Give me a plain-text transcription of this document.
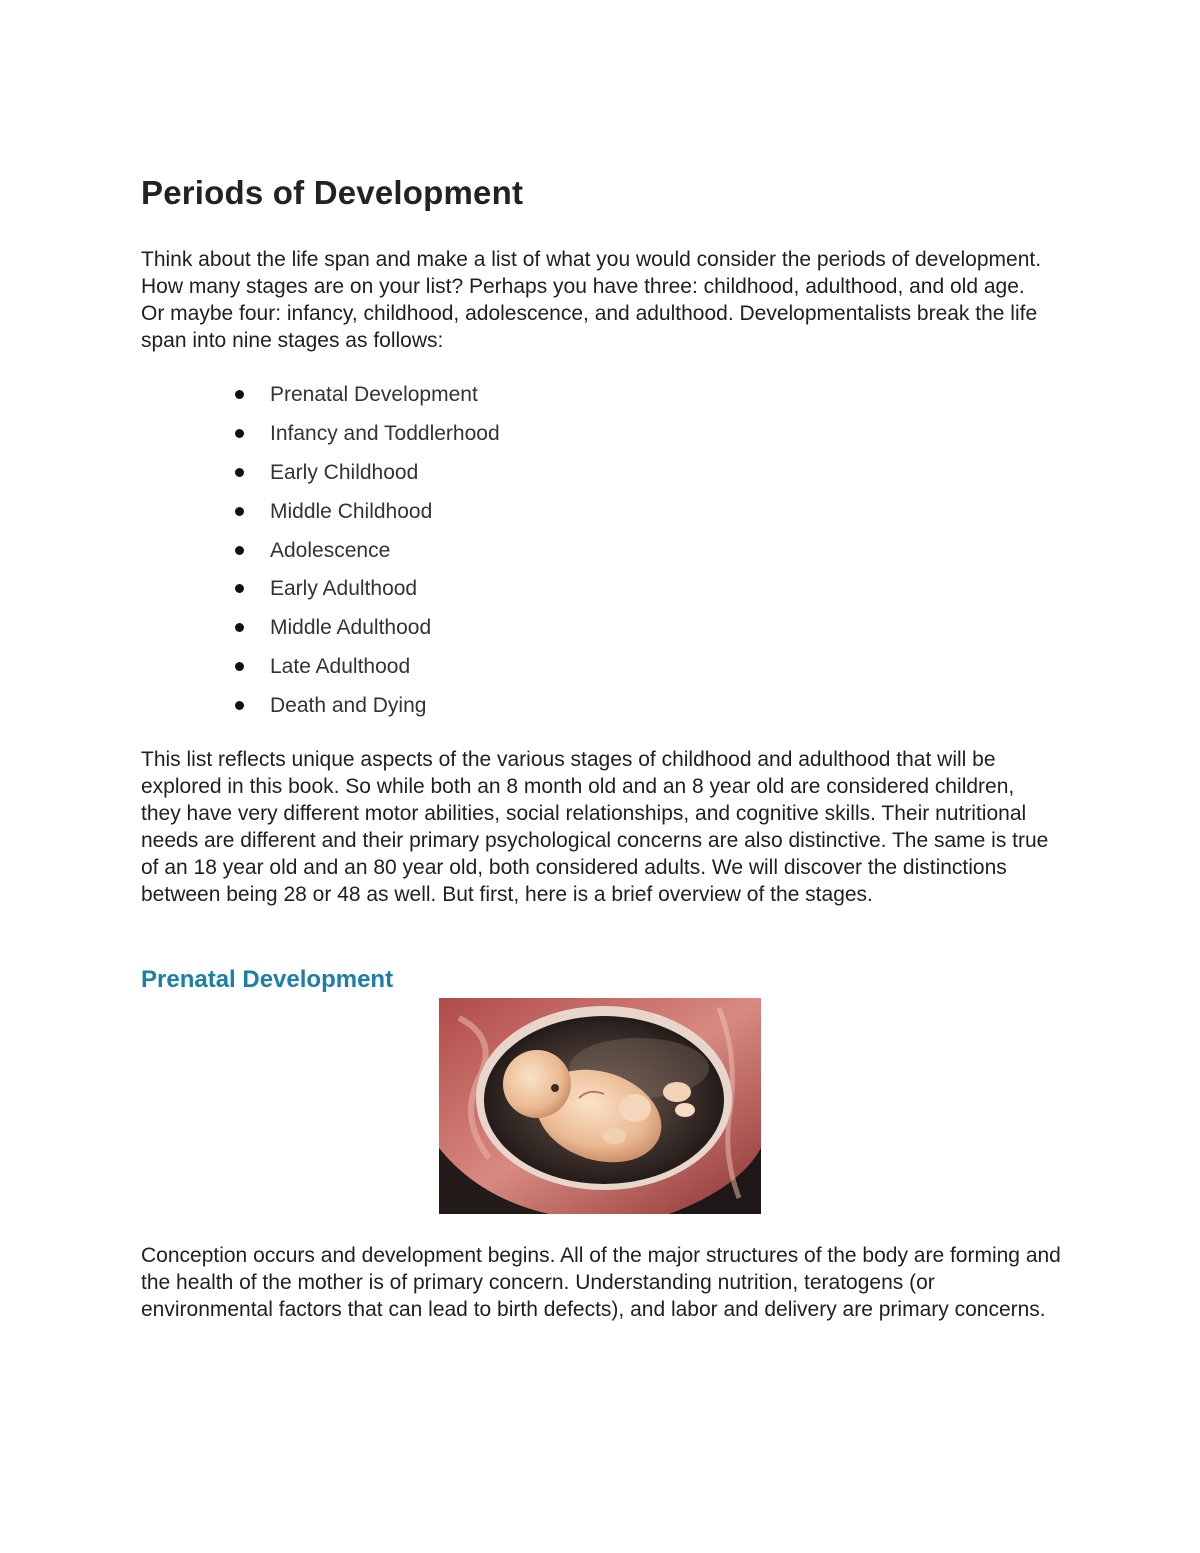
Periods of Development

Think about the life span and make a list of what you would consider the periods of development. How many stages are on your list? Perhaps you have three: childhood, adulthood, and old age. Or maybe four: infancy, childhood, adolescence, and adulthood. Developmentalists break the life span into nine stages as follows:

Prenatal Development
Infancy and Toddlerhood
Early Childhood
Middle Childhood
Adolescence
Early Adulthood
Middle Adulthood
Late Adulthood
Death and Dying

This list reflects unique aspects of the various stages of childhood and adulthood that will be explored in this book. So while both an 8 month old and an 8 year old are considered children, they have very different motor abilities, social relationships, and cognitive skills. Their nutritional needs are different and their primary psychological concerns are also distinctive. The same is true of an 18 year old and an 80 year old, both considered adults. We will discover the distinctions between being 28 or 48 as well. But first, here is a brief overview of the stages.

Prenatal Development

Conception occurs and development begins. All of the major structures of the body are forming and the health of the mother is of primary concern. Understanding nutrition, teratogens (or environmental factors that can lead to birth defects), and labor and delivery are primary concerns.
